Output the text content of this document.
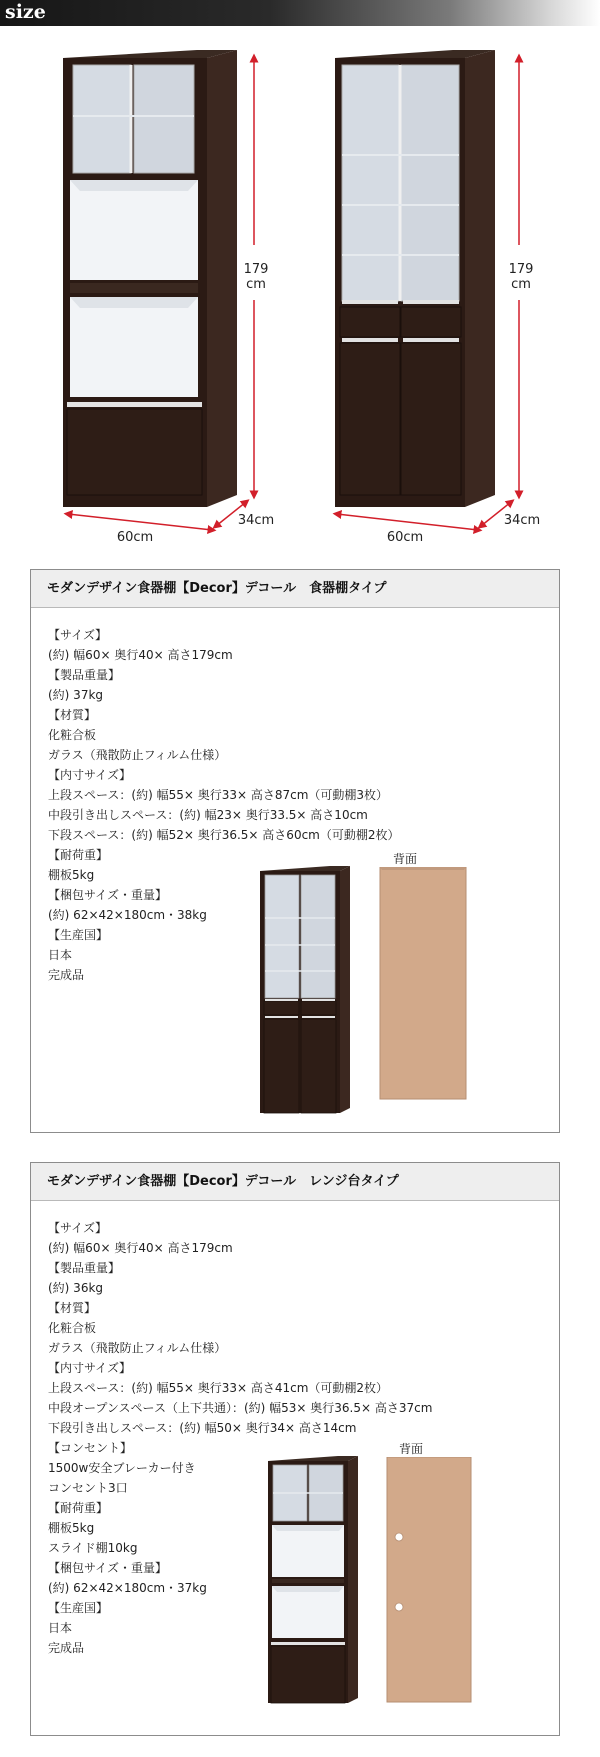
size
179
cm
60cm
34cm
179
cm
60cm
34cm
モダンデザイン食器棚【Decor】デコール　食器棚タイプ
【サイズ】
(約) 幅60× 奥行40× 高さ179cm
【製品重量】
(約) 37kg
【材質】
化粧合板
ガラス（飛散防止フィルム仕様）
【内寸サイズ】
上段スペース：(約) 幅55× 奥行33× 高さ87cm（可動棚3枚）
中段引き出しスペース：(約) 幅23× 奥行33.5× 高さ10cm
下段スペース：(約) 幅52× 奥行36.5× 高さ60cm（可動棚2枚）
【耐荷重】
棚板5kg
【梱包サイズ・重量】
(約) 62×42×180cm・38kg
【生産国】
日本
完成品
背面
モダンデザイン食器棚【Decor】デコール　レンジ台タイプ
【サイズ】
(約) 幅60× 奥行40× 高さ179cm
【製品重量】
(約) 36kg
【材質】
化粧合板
ガラス（飛散防止フィルム仕様）
【内寸サイズ】
上段スペース：(約) 幅55× 奥行33× 高さ41cm（可動棚2枚）
中段オープンスペース（上下共通）：(約) 幅53× 奥行36.5× 高さ37cm
下段引き出しスペース：(約) 幅50× 奥行34× 高さ14cm
【コンセント】
1500w安全ブレーカー付き
コンセント3口
【耐荷重】
棚板5kg
スライド棚10kg
【梱包サイズ・重量】
(約) 62×42×180cm・37kg
【生産国】
日本
完成品
背面
